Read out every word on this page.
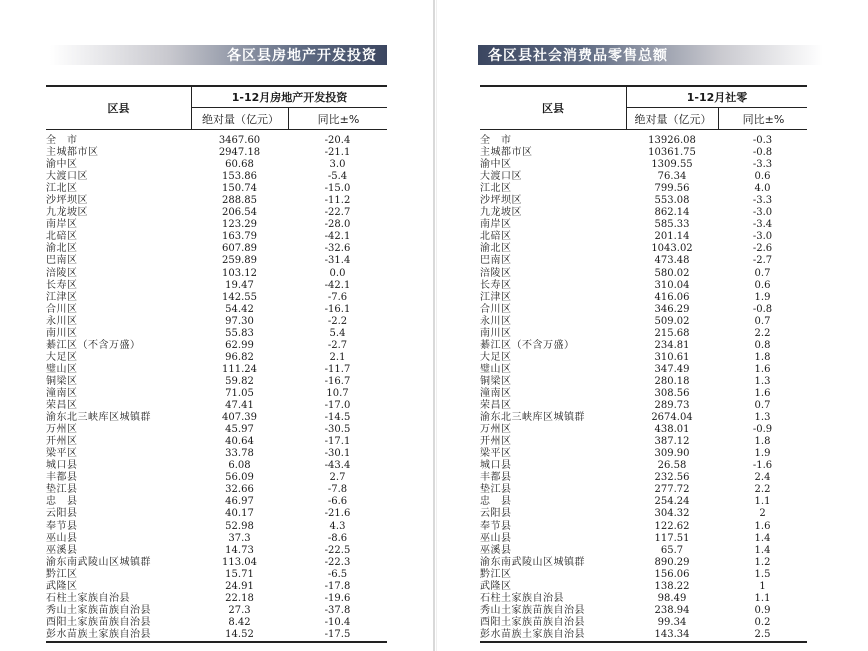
各区县房地产开发投资	各区县社会消费品零售总额
区县
1-12月房地产开发投资
绝对量（亿元）	同比±%
全　市	3467.60	-20.4
主城都市区	2947.18	-21.1
渝中区	60.68	3.0
大渡口区	153.86	-5.4
江北区	150.74	-15.0
沙坪坝区	288.85	-11.2
九龙坡区	206.54	-22.7
南岸区	123.29	-28.0
北碚区	163.79	-42.1
渝北区	607.89	-32.6
巴南区	259.89	-31.4
涪陵区	103.12	0.0
长寿区	19.47	-42.1
江津区	142.55	-7.6
合川区	54.42	-16.1
永川区	97.30	-2.2
南川区	55.83	5.4
綦江区（不含万盛）	62.99	-2.7
大足区	96.82	2.1
璧山区	111.24	-11.7
铜梁区	59.82	-16.7
潼南区	71.05	10.7
荣昌区	47.41	-17.0
渝东北三峡库区城镇群	407.39	-14.5
万州区	45.97	-30.5
开州区	40.64	-17.1
梁平区	33.78	-30.1
城口县	6.08	-43.4
丰都县	56.09	2.7
垫江县	32.66	-7.8
忠　县	46.97	-6.6
云阳县	40.17	-21.6
奉节县	52.98	4.3
巫山县	37.3	-8.6
巫溪县	14.73	-22.5
渝东南武陵山区城镇群	113.04	-22.3
黔江区	15.71	-6.5
武隆区	24.91	-17.8
石柱土家族自治县	22.18	-19.6
秀山土家族苗族自治县	27.3	-37.8
酉阳土家族苗族自治县	8.42	-10.4
彭水苗族土家族自治县	14.52	-17.5
区县
1-12月社零
绝对量（亿元）	同比±%
全　市	13926.08	-0.3
主城都市区	10361.75	-0.8
渝中区	1309.55	-3.3
大渡口区	76.34	0.6
江北区	799.56	4.0
沙坪坝区	553.08	-3.3
九龙坡区	862.14	-3.0
南岸区	585.33	-3.4
北碚区	201.14	-3.0
渝北区	1043.02	-2.6
巴南区	473.48	-2.7
涪陵区	580.02	0.7
长寿区	310.04	0.6
江津区	416.06	1.9
合川区	346.29	-0.8
永川区	509.02	0.7
南川区	215.68	2.2
綦江区（不含万盛）	234.81	0.8
大足区	310.61	1.8
璧山区	347.49	1.6
铜梁区	280.18	1.3
潼南区	308.56	1.6
荣昌区	289.73	0.7
渝东北三峡库区城镇群	2674.04	1.3
万州区	438.01	-0.9
开州区	387.12	1.8
梁平区	309.90	1.9
城口县	26.58	-1.6
丰都县	232.56	2.4
垫江县	277.72	2.2
忠　县	254.24	1.1
云阳县	304.32	2
奉节县	122.62	1.6
巫山县	117.51	1.4
巫溪县	65.7	1.4
渝东南武陵山区城镇群	890.29	1.2
黔江区	156.06	1.5
武隆区	138.22	1
石柱土家族自治县	98.49	1.1
秀山土家族苗族自治县	238.94	0.9
酉阳土家族苗族自治县	99.34	0.2
彭水苗族土家族自治县	143.34	2.5
